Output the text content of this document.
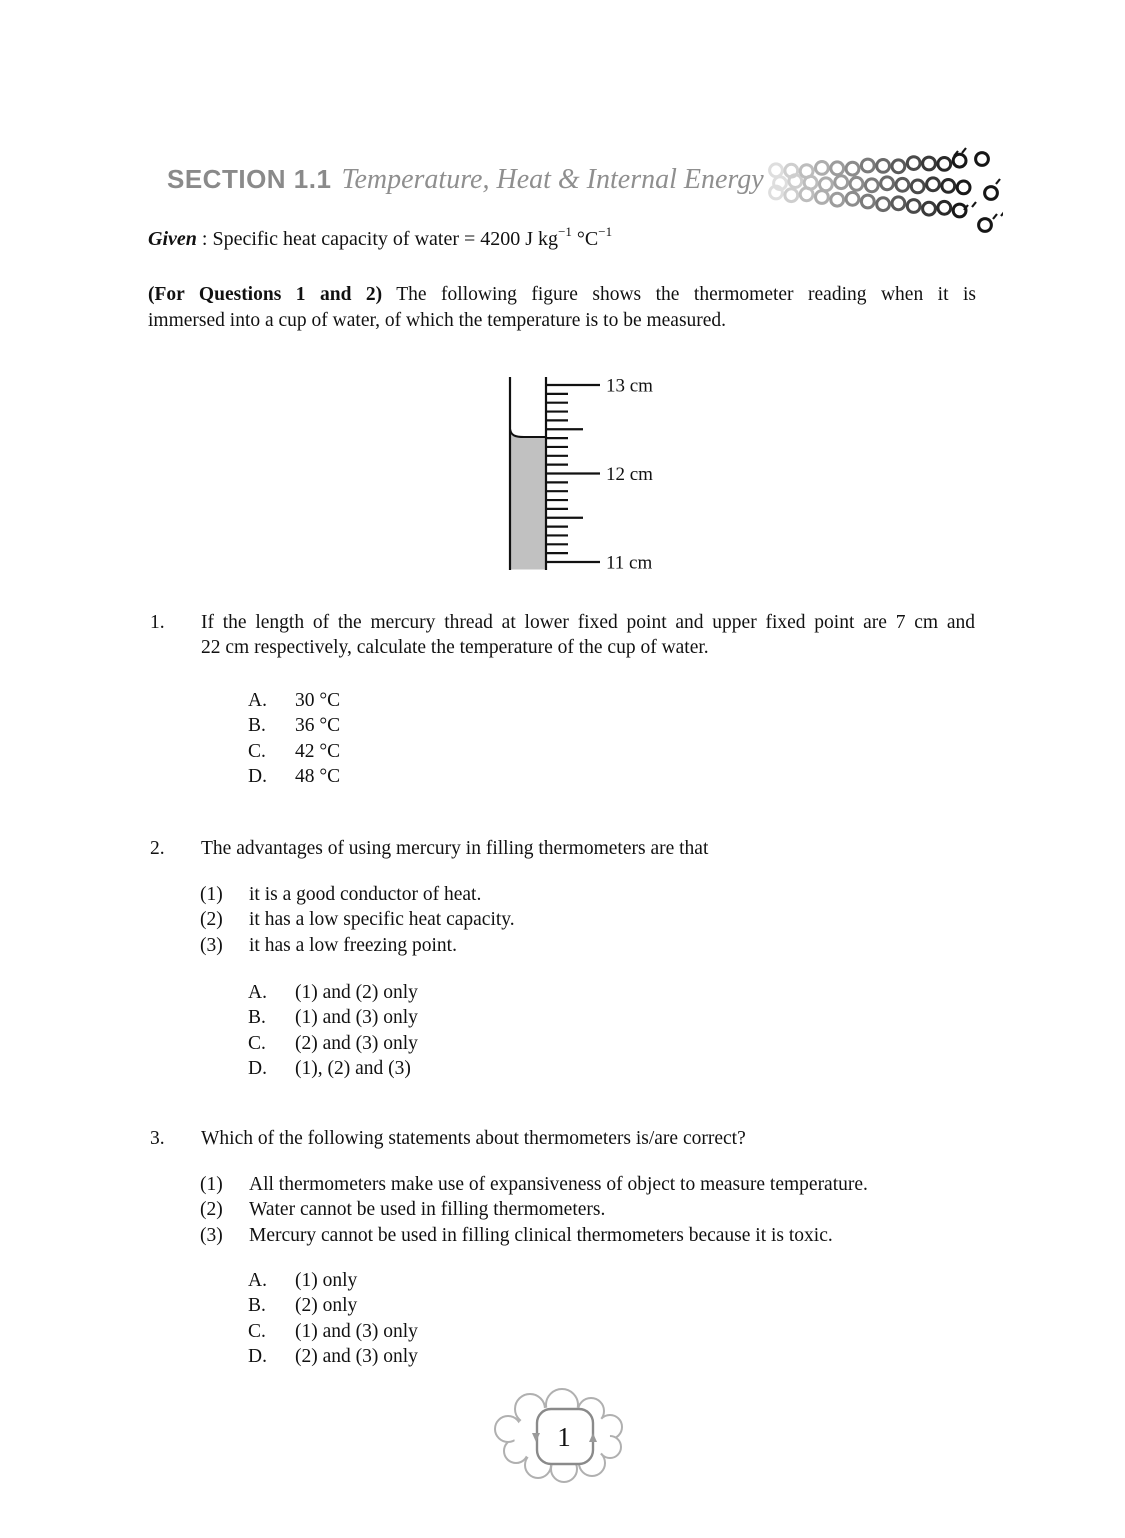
SECTION 1.1 Temperature, Heat & Internal Energy

Given : Specific heat capacity of water = 4200 J $kg^{-1}$ $^\circ C^{-1}$

(For Questions 1 and 2) The following figure shows the thermometer reading when it is
immersed into a cup of water, of which the temperature is to be measured.

13 cm
12 cm
11 cm

1. If the length of the mercury thread at lower fixed point and upper fixed point are 7 cm and
22 cm respectively, calculate the temperature of the cup of water.

A.	30 °C
B.	36 °C
C.	42 °C
D.	48 °C

2. The advantages of using mercury in filling thermometers are that

(1)	it is a good conductor of heat.
(2)	it has a low specific heat capacity.
(3)	it has a low freezing point.
A.	(1) and (2) only
B.	(1) and (3) only
C.	(2) and (3) only
D.	(1), (2) and (3)

3. Which of the following statements about thermometers is/are correct?

(1)	All thermometers make use of expansiveness of object to measure temperature.
(2)	Water cannot be used in filling thermometers.
(3)	Mercury cannot be used in filling clinical thermometers because it is toxic.
A.	(1) only
B.	(2) only
C.	(1) and (3) only
D.	(2) and (3) only
1
